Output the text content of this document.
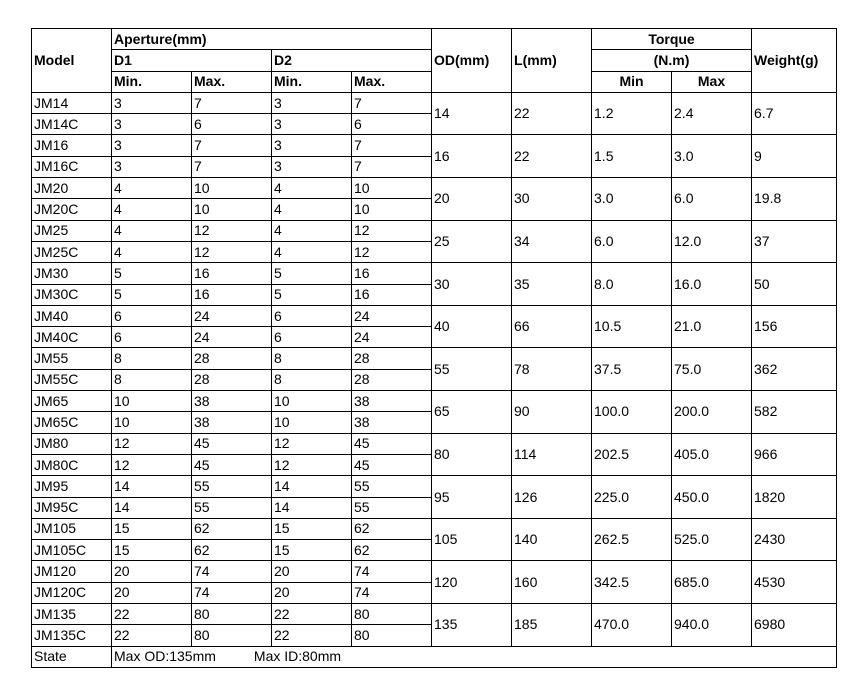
Model	Aperture(mm)				OD(mm)	L(mm)	Torque		Weight(g)
	D1		D2				(N.m)		
	Min.	Max.	Min.	Max.			Min	Max	
JM14	3	7	3	7	14	22	1.2	2.4	6.7
JM14C	3	6	3	6					
JM16	3	7	3	7	16	22	1.5	3.0	9
JM16C	3	7	3	7					
JM20	4	10	4	10	20	30	3.0	6.0	19.8
JM20C	4	10	4	10					
JM25	4	12	4	12	25	34	6.0	12.0	37
JM25C	4	12	4	12					
JM30	5	16	5	16	30	35	8.0	16.0	50
JM30C	5	16	5	16					
JM40	6	24	6	24	40	66	10.5	21.0	156
JM40C	6	24	6	24					
JM55	8	28	8	28	55	78	37.5	75.0	362
JM55C	8	28	8	28					
JM65	10	38	10	38	65	90	100.0	200.0	582
JM65C	10	38	10	38					
JM80	12	45	12	45	80	114	202.5	405.0	966
JM80C	12	45	12	45					
JM95	14	55	14	55	95	126	225.0	450.0	1820
JM95C	14	55	14	55					
JM105	15	62	15	62	105	140	262.5	525.0	2430
JM105C	15	62	15	62					
JM120	20	74	20	74	120	160	342.5	685.0	4530
JM120C	20	74	20	74					
JM135	22	80	22	80	135	185	470.0	940.0	6980
JM135C	22	80	22	80					
State	Max OD:135mm Max ID:80mm								
